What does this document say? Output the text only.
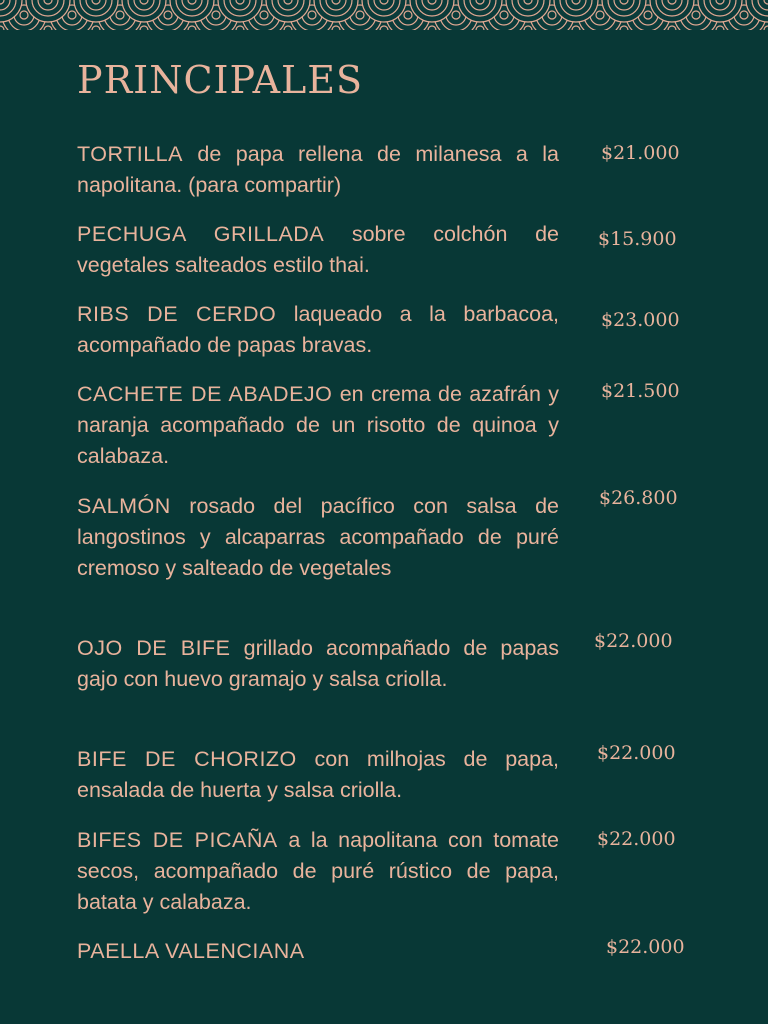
PRINCIPALES
TORTILLA de papa rellena de milanesa a la napolitana. (para compartir)
$21.000
PECHUGA GRILLADA sobre colchón de vegetales salteados estilo thai.
$15.900
RIBS DE CERDO laqueado a la barbacoa, acompañado de papas bravas.
$23.000
CACHETE DE ABADEJO en crema de azafrán y naranja acompañado de un risotto de quinoa y calabaza.
$21.500
SALMÓN rosado del pacífico con salsa de langostinos y alcaparras acompañado de puré cremoso y salteado de vegetales
$26.800
OJO DE BIFE grillado acompañado de papas gajo con huevo gramajo y salsa criolla.
$22.000
BIFE DE CHORIZO con milhojas de papa, ensalada de huerta y salsa criolla.
$22.000
BIFES DE PICAÑA a la napolitana con tomate secos, acompañado de puré rústico de papa, batata y calabaza.
$22.000
PAELLA VALENCIANA	$22.000
